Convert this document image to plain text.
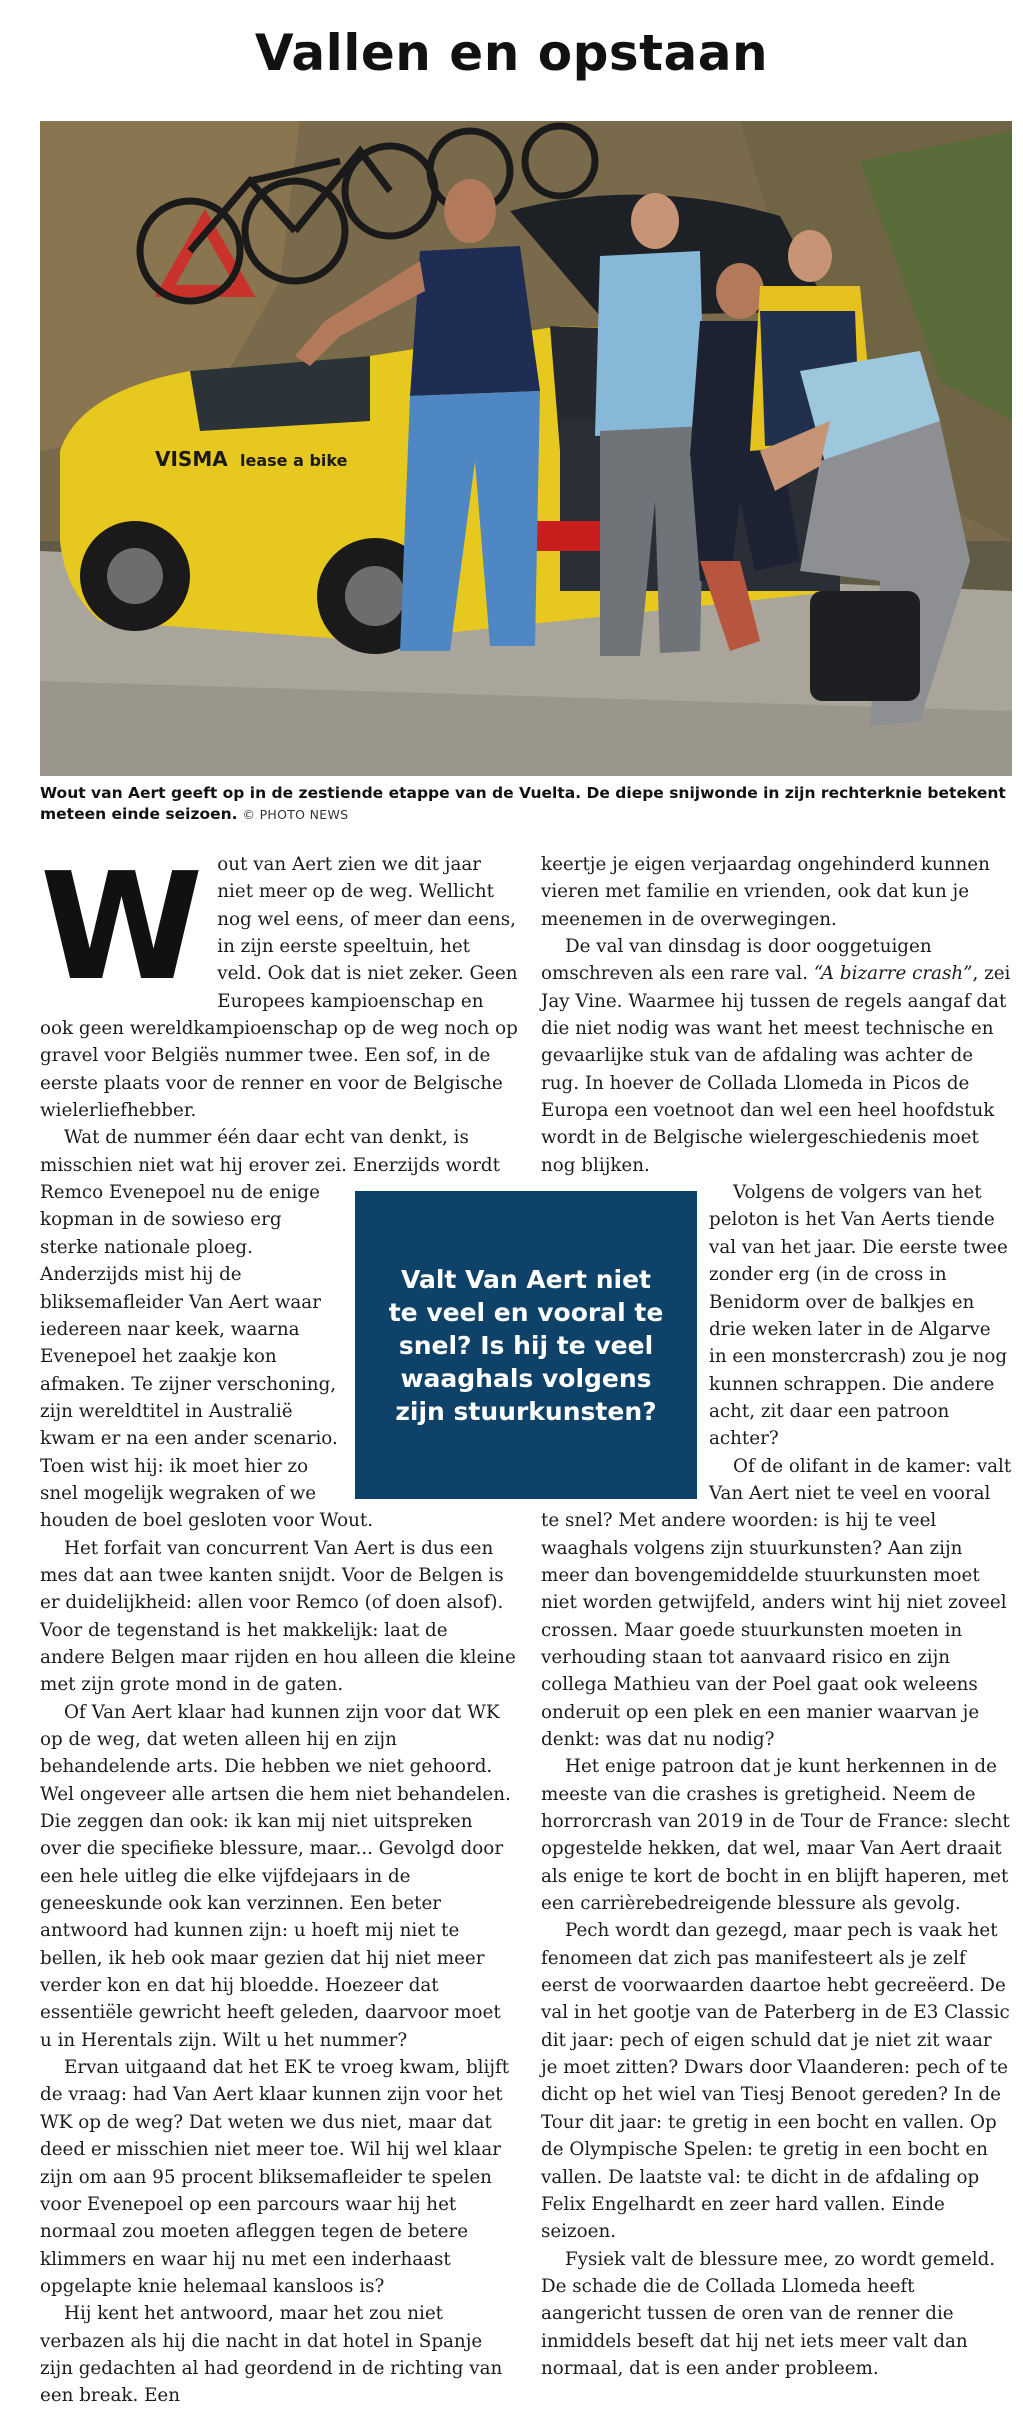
Vallen en opstaan
VISMA lease a bike
Wout van Aert geeft op in de zestiende etappe van de Vuelta. De diepe snijwonde in zijn rechterknie betekent meteen einde seizoen. © PHOTO NEWS

Wout van Aert zien we dit jaar niet meer op de weg. Wellicht nog wel eens, of meer dan eens, in zijn eerste speeltuin, het veld. Ook dat is niet zeker. Geen Europees kampioenschap en ook geen wereldkampioenschap op de weg noch op gravel voor Belgiës nummer twee. Een sof, in de eerste plaats voor de renner en voor de Belgische wielerliefhebber.

Wat de nummer één daar echt van denkt, is misschien niet wat hij erover zei. Enerzijds wordt Remco Evenepoel nu de enige kopman in de sowieso erg sterke nationale ploeg. Anderzijds mist hij de bliksemafleider Van Aert waar iedereen naar keek, waarna Evenepoel het zaakje kon afmaken. Te zijner verschoning, zijn wereldtitel in Australië kwam er na een ander scenario. Toen wist hij: ik moet hier zo snel mogelijk wegraken of we houden de boel gesloten voor Wout.

Het forfait van concurrent Van Aert is dus een mes dat aan twee kanten snijdt. Voor de Belgen is er duidelijkheid: allen voor Remco (of doen alsof). Voor de tegenstand is het makkelijk: laat de andere Belgen maar rijden en hou alleen die kleine met zijn grote mond in de gaten.

Of Van Aert klaar had kunnen zijn voor dat WK op de weg, dat weten alleen hij en zijn behandelende arts. Die hebben we niet gehoord. Wel ongeveer alle artsen die hem niet behandelen. Die zeggen dan ook: ik kan mij niet uitspreken over die specifieke blessure, maar... Gevolgd door een hele uitleg die elke vijfdejaars in de geneeskunde ook kan verzinnen. Een beter antwoord had kunnen zijn: u hoeft mij niet te bellen, ik heb ook maar gezien dat hij niet meer verder kon en dat hij bloedde. Hoezeer dat essentiële gewricht heeft geleden, daarvoor moet u in Herentals zijn. Wilt u het nummer?

Ervan uitgaand dat het EK te vroeg kwam, blijft de vraag: had Van Aert klaar kunnen zijn voor het WK op de weg? Dat weten we dus niet, maar dat deed er misschien niet meer toe. Wil hij wel klaar zijn om aan 95 procent bliksemafleider te spelen voor Evenepoel op een parcours waar hij het normaal zou moeten afleggen tegen de betere klimmers en waar hij nu met een inderhaast opgelapte knie helemaal kansloos is?

Hij kent het antwoord, maar het zou niet verbazen als hij die nacht in dat hotel in Spanje zijn gedachten al had geordend in de richting van een break. Een

Valt Van Aert niet te veel en vooral te snel? Is hij te veel waaghals volgens zijn stuurkunsten?

keertje je eigen verjaardag ongehinderd kunnen vieren met familie en vrienden, ook dat kun je meenemen in de overwegingen.

De val van dinsdag is door ooggetuigen omschreven als een rare val. “A bizarre crash”, zei Jay Vine. Waarmee hij tussen de regels aangaf dat die niet nodig was want het meest technische en gevaarlijke stuk van de afdaling was achter de rug. In hoever de Collada Llomeda in Picos de Europa een voetnoot dan wel een heel hoofdstuk wordt in de Belgische wielergeschiedenis moet nog blijken.

Volgens de volgers van het peloton is het Van Aerts tiende val van het jaar. Die eerste twee zonder erg (in de cross in Benidorm over de balkjes en drie weken later in de Algarve in een monstercrash) zou je nog kunnen schrappen. Die andere acht, zit daar een patroon achter?

Of de olifant in de kamer: valt Van Aert niet te veel en vooral te snel? Met andere woorden: is hij te veel waaghals volgens zijn stuurkunsten? Aan zijn meer dan bovengemiddelde stuurkunsten moet niet worden getwijfeld, anders wint hij niet zoveel crossen. Maar goede stuurkunsten moeten in verhouding staan tot aanvaard risico en zijn collega Mathieu van der Poel gaat ook weleens onderuit op een plek en een manier waarvan je denkt: was dat nu nodig?

Het enige patroon dat je kunt herkennen in de meeste van die crashes is gretigheid. Neem de horrorcrash van 2019 in de Tour de France: slecht opgestelde hekken, dat wel, maar Van Aert draait als enige te kort de bocht in en blijft haperen, met een carrièrebedreigende blessure als gevolg.

Pech wordt dan gezegd, maar pech is vaak het fenomeen dat zich pas manifesteert als je zelf eerst de voorwaarden daartoe hebt gecreëerd. De val in het gootje van de Paterberg in de E3 Classic dit jaar: pech of eigen schuld dat je niet zit waar je moet zitten? Dwars door Vlaanderen: pech of te dicht op het wiel van Tiesj Benoot gereden? In de Tour dit jaar: te gretig in een bocht en vallen. Op de Olympische Spelen: te gretig in een bocht en vallen. De laatste val: te dicht in de afdaling op Felix Engelhardt en zeer hard vallen. Einde seizoen.

Fysiek valt de blessure mee, zo wordt gemeld. De schade die de Collada Llomeda heeft aangericht tussen de oren van de renner die inmiddels beseft dat hij net iets meer valt dan normaal, dat is een ander probleem.
